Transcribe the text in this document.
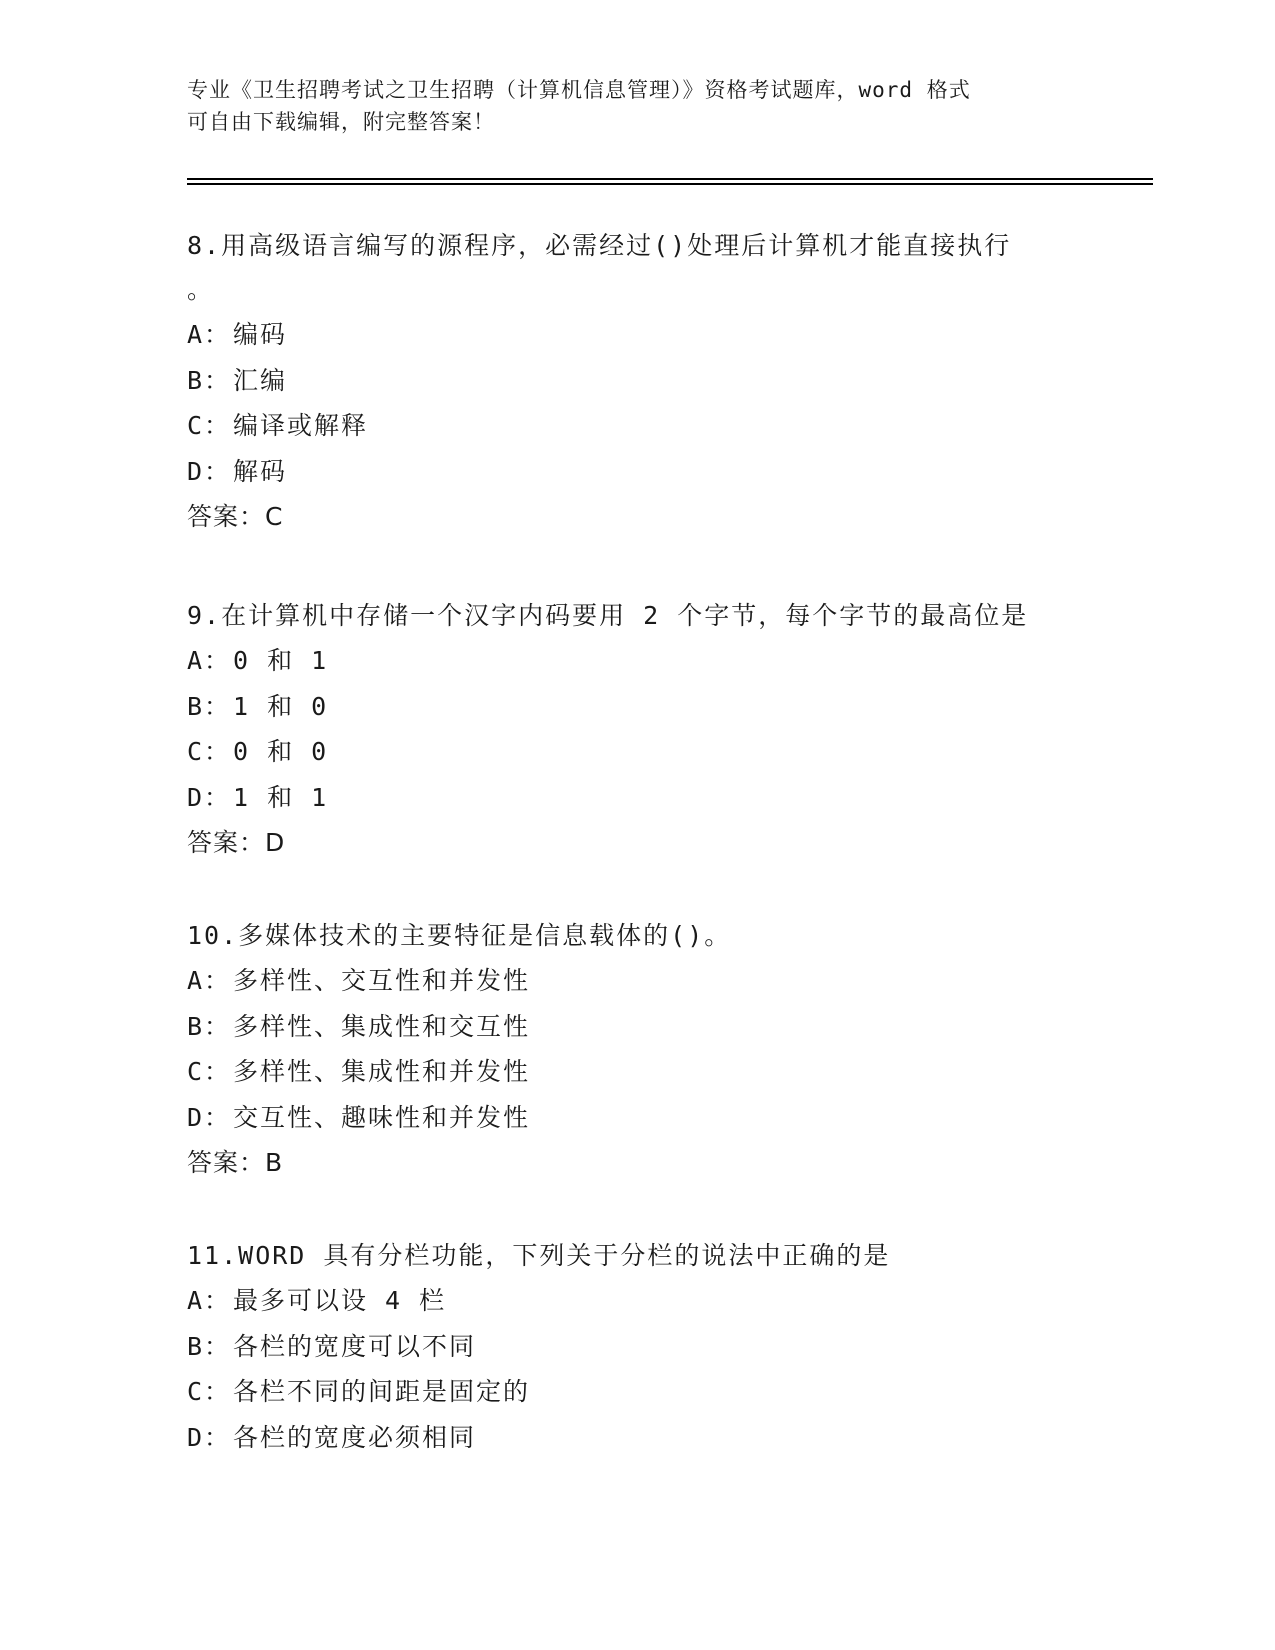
专业《卫生招聘考试之卫生招聘（计算机信息管理）》资格考试题库，word 格式
可自由下载编辑，附完整答案！
8.用高级语言编写的源程序，必需经过()处理后计算机才能直接执行
。
A：编码
B：汇编
C：编译或解释
D：解码
答案：C
9.在计算机中存储一个汉字内码要用 2 个字节，每个字节的最高位是
A：0 和 1
B：1 和 0
C：0 和 0
D：1 和 1
答案：D
10.多媒体技术的主要特征是信息载体的()。
A：多样性、交互性和并发性
B：多样性、集成性和交互性
C：多样性、集成性和并发性
D：交互性、趣味性和并发性
答案：B
11.WORD 具有分栏功能，下列关于分栏的说法中正确的是
A：最多可以设 4 栏
B：各栏的宽度可以不同
C：各栏不同的间距是固定的
D：各栏的宽度必须相同
